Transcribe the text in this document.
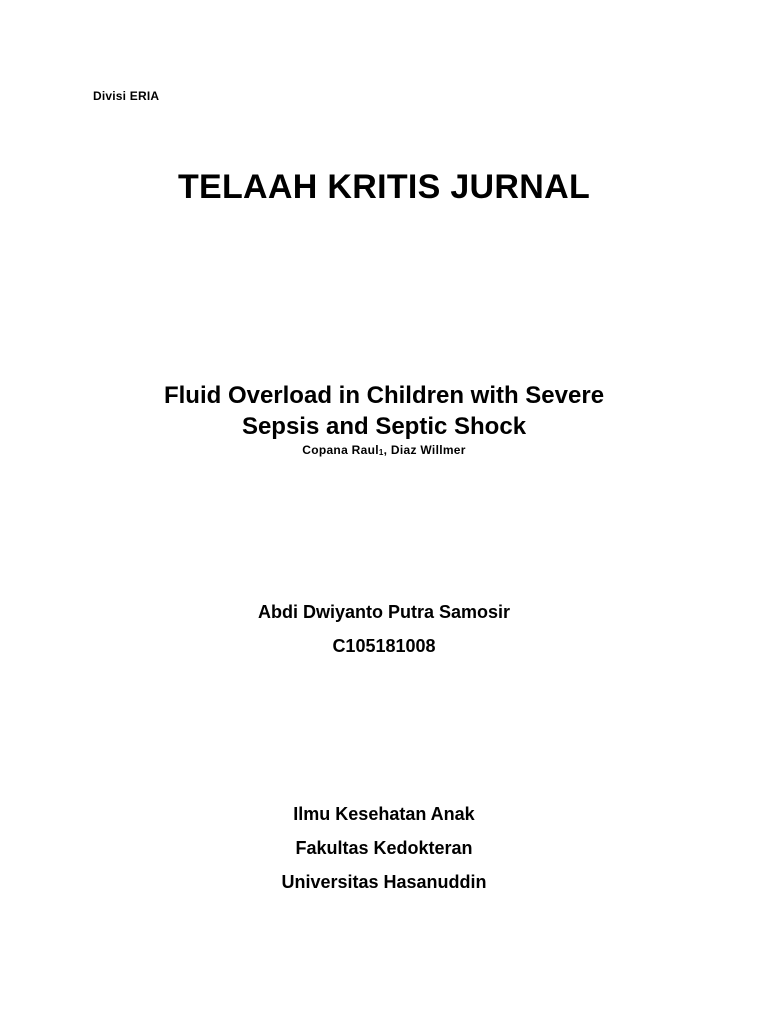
Divisi ERIA
TELAAH KRITIS JURNAL
Fluid Overload in Children with Severe
Sepsis and Septic Shock
Copana Raul$_1$, Diaz Willmer
Abdi Dwiyanto Putra Samosir
C105181008
Ilmu Kesehatan Anak
Fakultas Kedokteran
Universitas Hasanuddin
